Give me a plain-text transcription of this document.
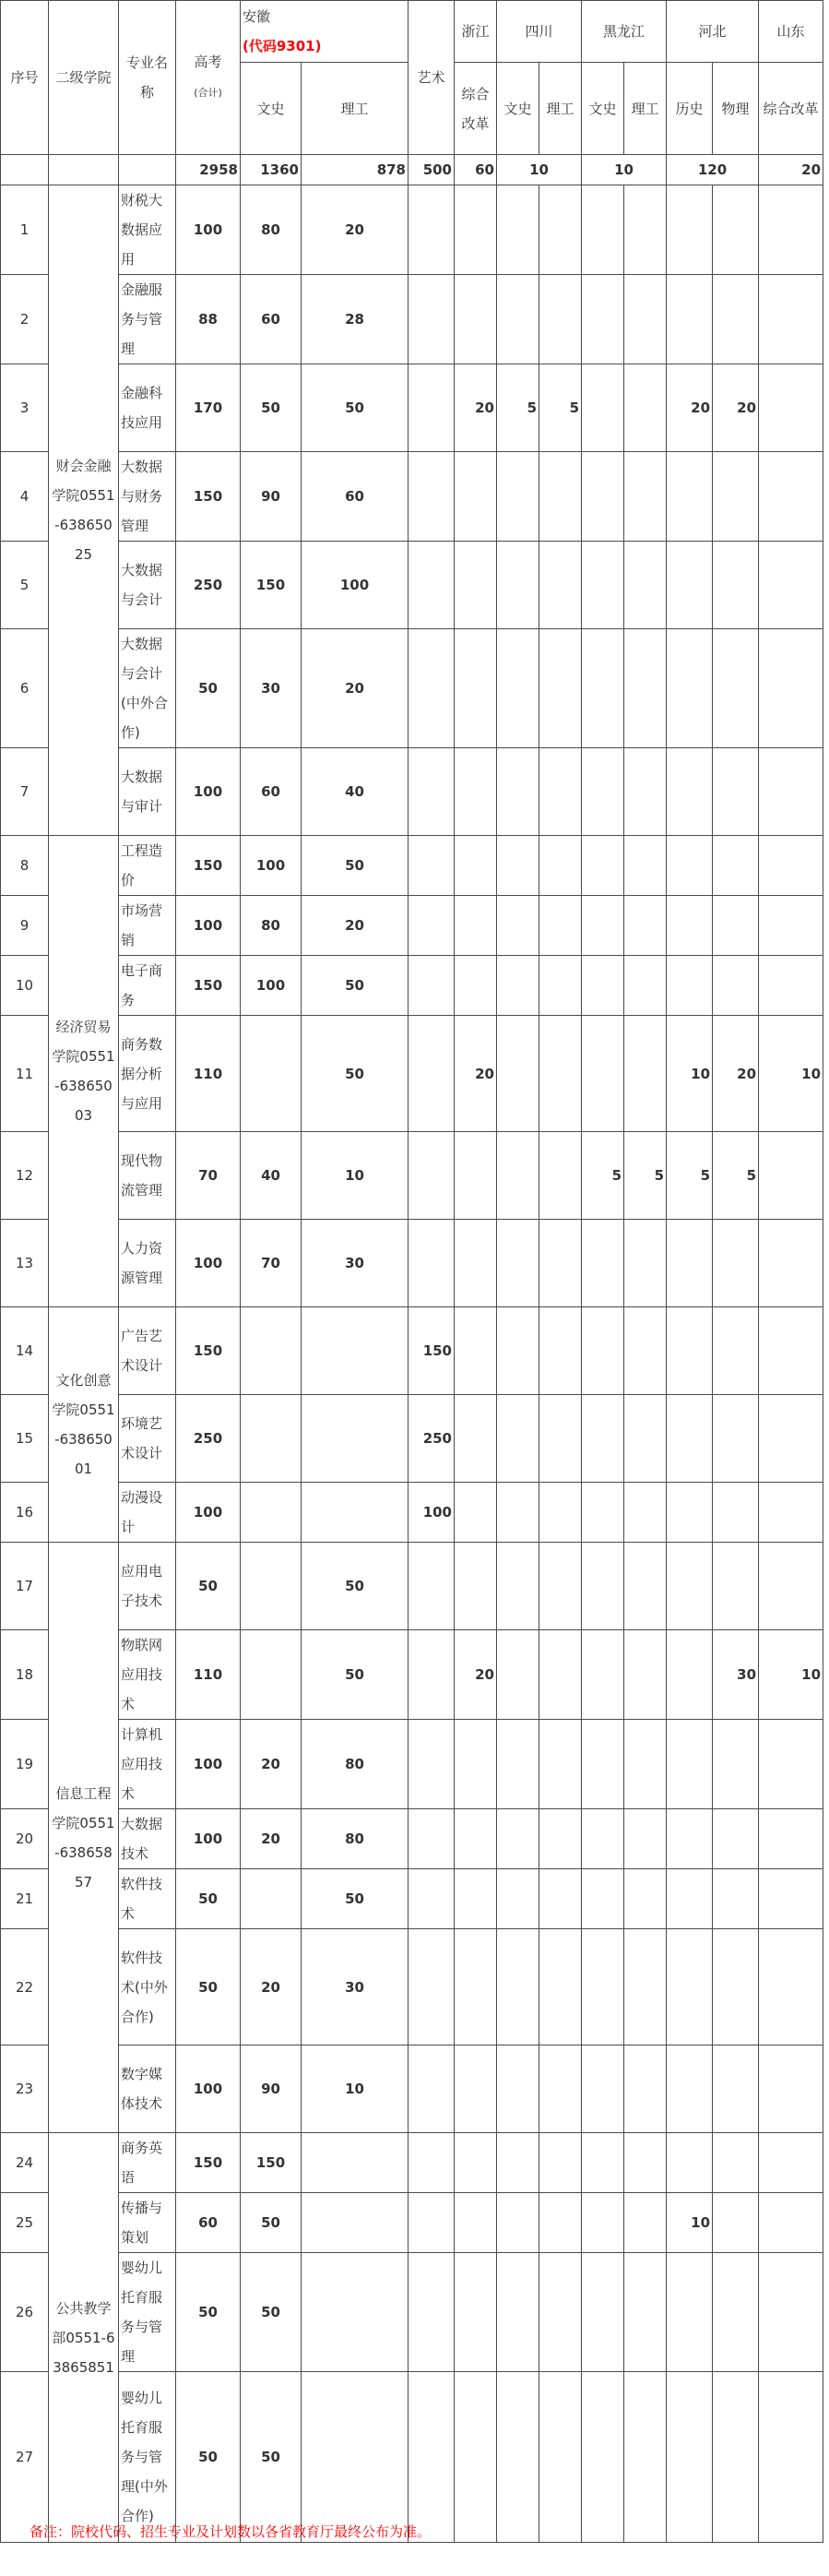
序号	二级学院	专业名称	高考
(合计)	安徽
(代码9301)		艺术	浙江	四川		黑龙江		河北		山东	
				文史	理工		综合改革	文史	理工	文史	理工	历史	物理	综合改革	
			2958	1360	878	500	60	10		10		120		20	
1	财会金融学院0551-63865025	财税大数据应用	100	80	20										
2		金融服务与管理	88	60	28										
3		金融科技应用	170	50	50		20	5	5			20	20		
4		大数据与财务管理	150	90	60										
5		大数据与会计	250	150	100										
6		大数据与会计(中外合作)	50	30	20										
7		大数据与审计	100	60	40										
8	经济贸易学院0551-63865003	工程造价	150	100	50										
9		市场营销	100	80	20										
10		电子商务	150	100	50										
11		商务数据分析与应用	110		50		20					10	20	10	
12		现代物流管理	70	40	10					5	5	5	5		
13		人力资源管理	100	70	30										
14	文化创意学院0551-63865001	广告艺术设计	150			150									
15		环境艺术设计	250			250									
16		动漫设计	100			100									
17	信息工程学院0551-63865857	应用电子技术	50		50										
18		物联网应用技术	110		50		20						30	10	
19		计算机应用技术	100	20	80										
20		大数据技术	100	20	80										
21		软件技术	50		50										
22		软件技术(中外合作)	50	20	30										
23		数字媒体技术	100	90	10										
24	公共教学部0551-63865851	商务英语	150	150											
25		传播与策划	60	50								10			
26		婴幼儿托育服务与管理	50	50											
27		婴幼儿托育服务与管理(中外合作)	50	50											
备注：院校代码、招生专业及计划数以各省教育厅最终公布为准。
